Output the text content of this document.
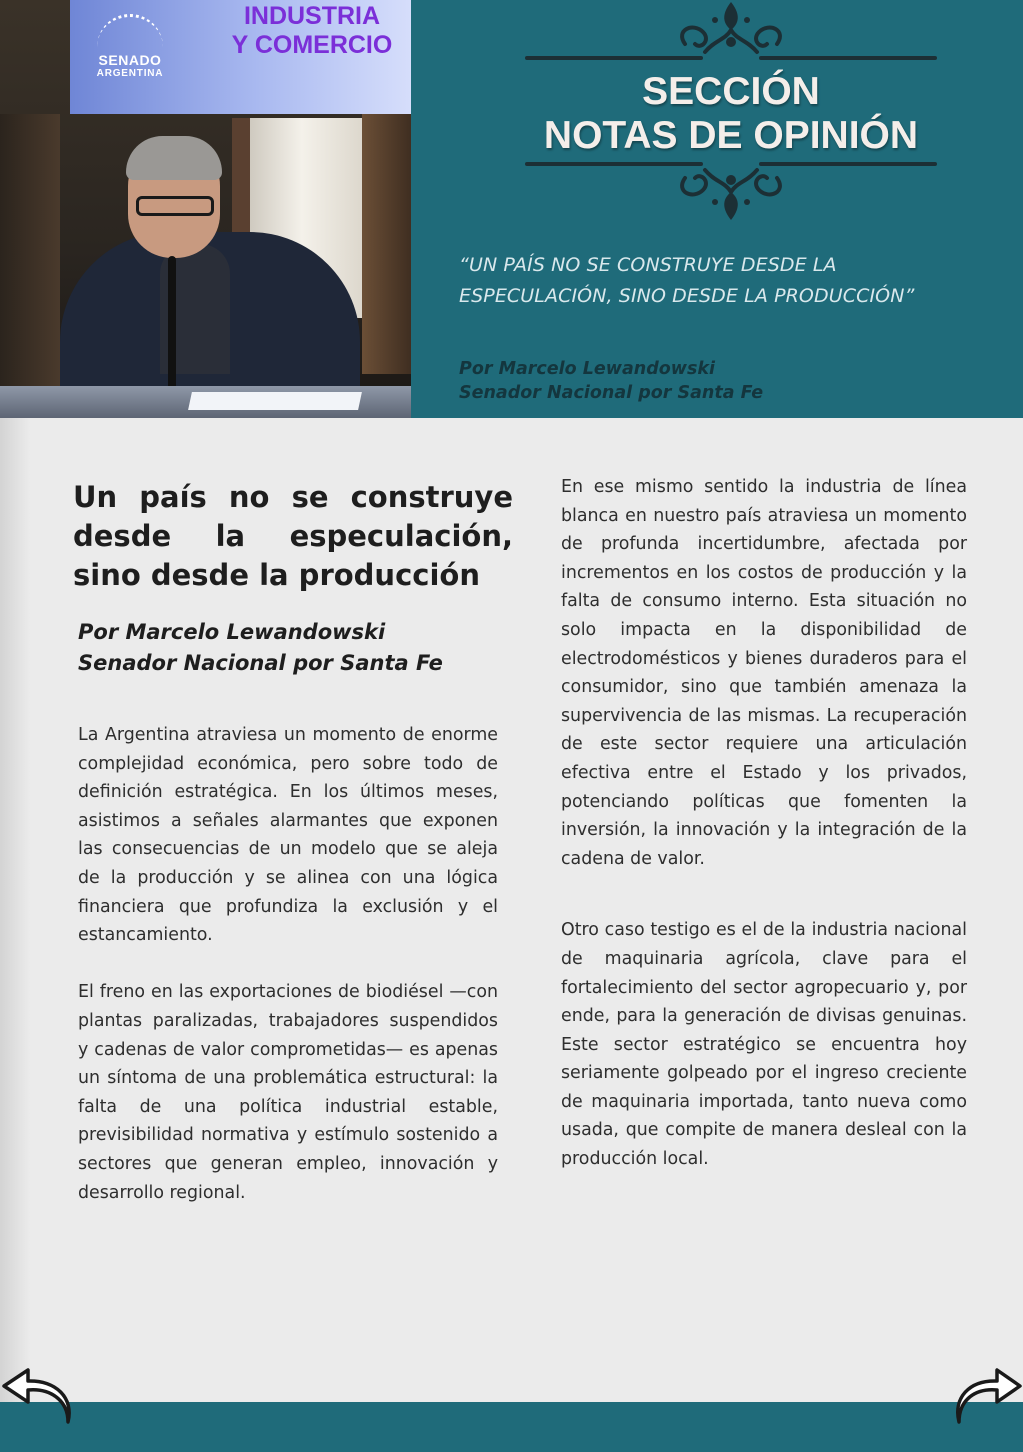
SENADO
ARGENTINA
INDUSTRIA
Y COMERCIO
SECCIÓN
NOTAS DE OPINIÓN
“UN PAÍS NO SE CONSTRUYE DESDE LA
ESPECULACIÓN, SINO DESDE LA PRODUCCIÓN”
Por Marcelo Lewandowski
Senador Nacional por Santa Fe
Un país no se construye desde la especulación, sino desde la producción
Por Marcelo Lewandowski
Senador Nacional por Santa Fe

La Argentina atraviesa un momento de enorme complejidad económica, pero sobre todo de definición estratégica. En los últimos meses, asistimos a señales alarmantes que exponen las consecuencias de un modelo que se aleja de la producción y se alinea con una lógica financiera que profundiza la exclusión y el estancamiento.

El freno en las exportaciones de biodiésel —con plantas paralizadas, trabajadores suspendidos y cadenas de valor comprometidas— es apenas un síntoma de una problemática estructural: la falta de una política industrial estable, previsibilidad normativa y estímulo sostenido a sectores que generan empleo, innovación y desarrollo regional.

En ese mismo sentido la industria de línea blanca en nuestro país atraviesa un momento de profunda incertidumbre, afectada por incrementos en los costos de producción y la falta de consumo interno. Esta situación no solo impacta en la disponibilidad de electrodomésticos y bienes duraderos para el consumidor, sino que también amenaza la supervivencia de las mismas. La recuperación de este sector requiere una articulación efectiva entre el Estado y los privados, potenciando políticas que fomenten la inversión, la innovación y la integración de la cadena de valor.

Otro caso testigo es el de la industria nacional de maquinaria agrícola, clave para el fortalecimiento del sector agropecuario y, por ende, para la generación de divisas genuinas. Este sector estratégico se encuentra hoy seriamente golpeado por el ingreso creciente de maquinaria importada, tanto nueva como usada, que compite de manera desleal con la producción local.
